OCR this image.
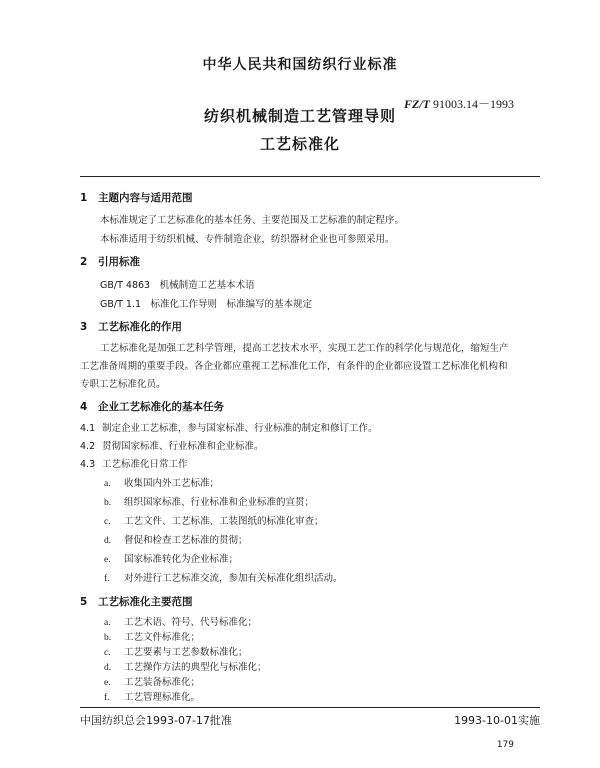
中华人民共和国纺织行业标准
FZ/T 91003.14－1993
纺织机械制造工艺管理导则
工艺标准化
1 主题内容与适用范围
本标准规定了工艺标准化的基本任务、主要范围及工艺标准的制定程序。
本标准适用于纺织机械、专件制造企业，纺织器材企业也可参照采用。
2 引用标准
GB/T 4863　机械制造工艺基本术语
GB/T 1.1　标准化工作导则　标准编写的基本规定
3 工艺标准化的作用
工艺标准化是加强工艺科学管理，提高工艺技术水平，实现工艺工作的科学化与规范化，缩短生产
工艺准备周期的重要手段。各企业都应重视工艺标准化工作，有条件的企业都应设置工艺标准化机构和
专职工艺标准化员。
4 企业工艺标准化的基本任务
4.1 制定企业工艺标准，参与国家标准、行业标准的制定和修订工作。
4.2 贯彻国家标准、行业标准和企业标准。
4.3 工艺标准化日常工作
a. 收集国内外工艺标准；
b. 组织国家标准、行业标准和企业标准的宣贯；
c. 工艺文件、工艺标准、工装图纸的标准化审查；
d. 督促和检查工艺标准的贯彻；
e. 国家标准转化为企业标准；
f. 对外进行工艺标准交流，参加有关标准化组织活动。
5 工艺标准化主要范围
a. 工艺术语、符号、代号标准化；
b. 工艺文件标准化；
c. 工艺要素与工艺参数标准化；
d. 工艺操作方法的典型化与标准化；
e. 工艺装备标准化；
f. 工艺管理标准化。
中国纺织总会1993-07-17批准	1993-10-01实施
179
